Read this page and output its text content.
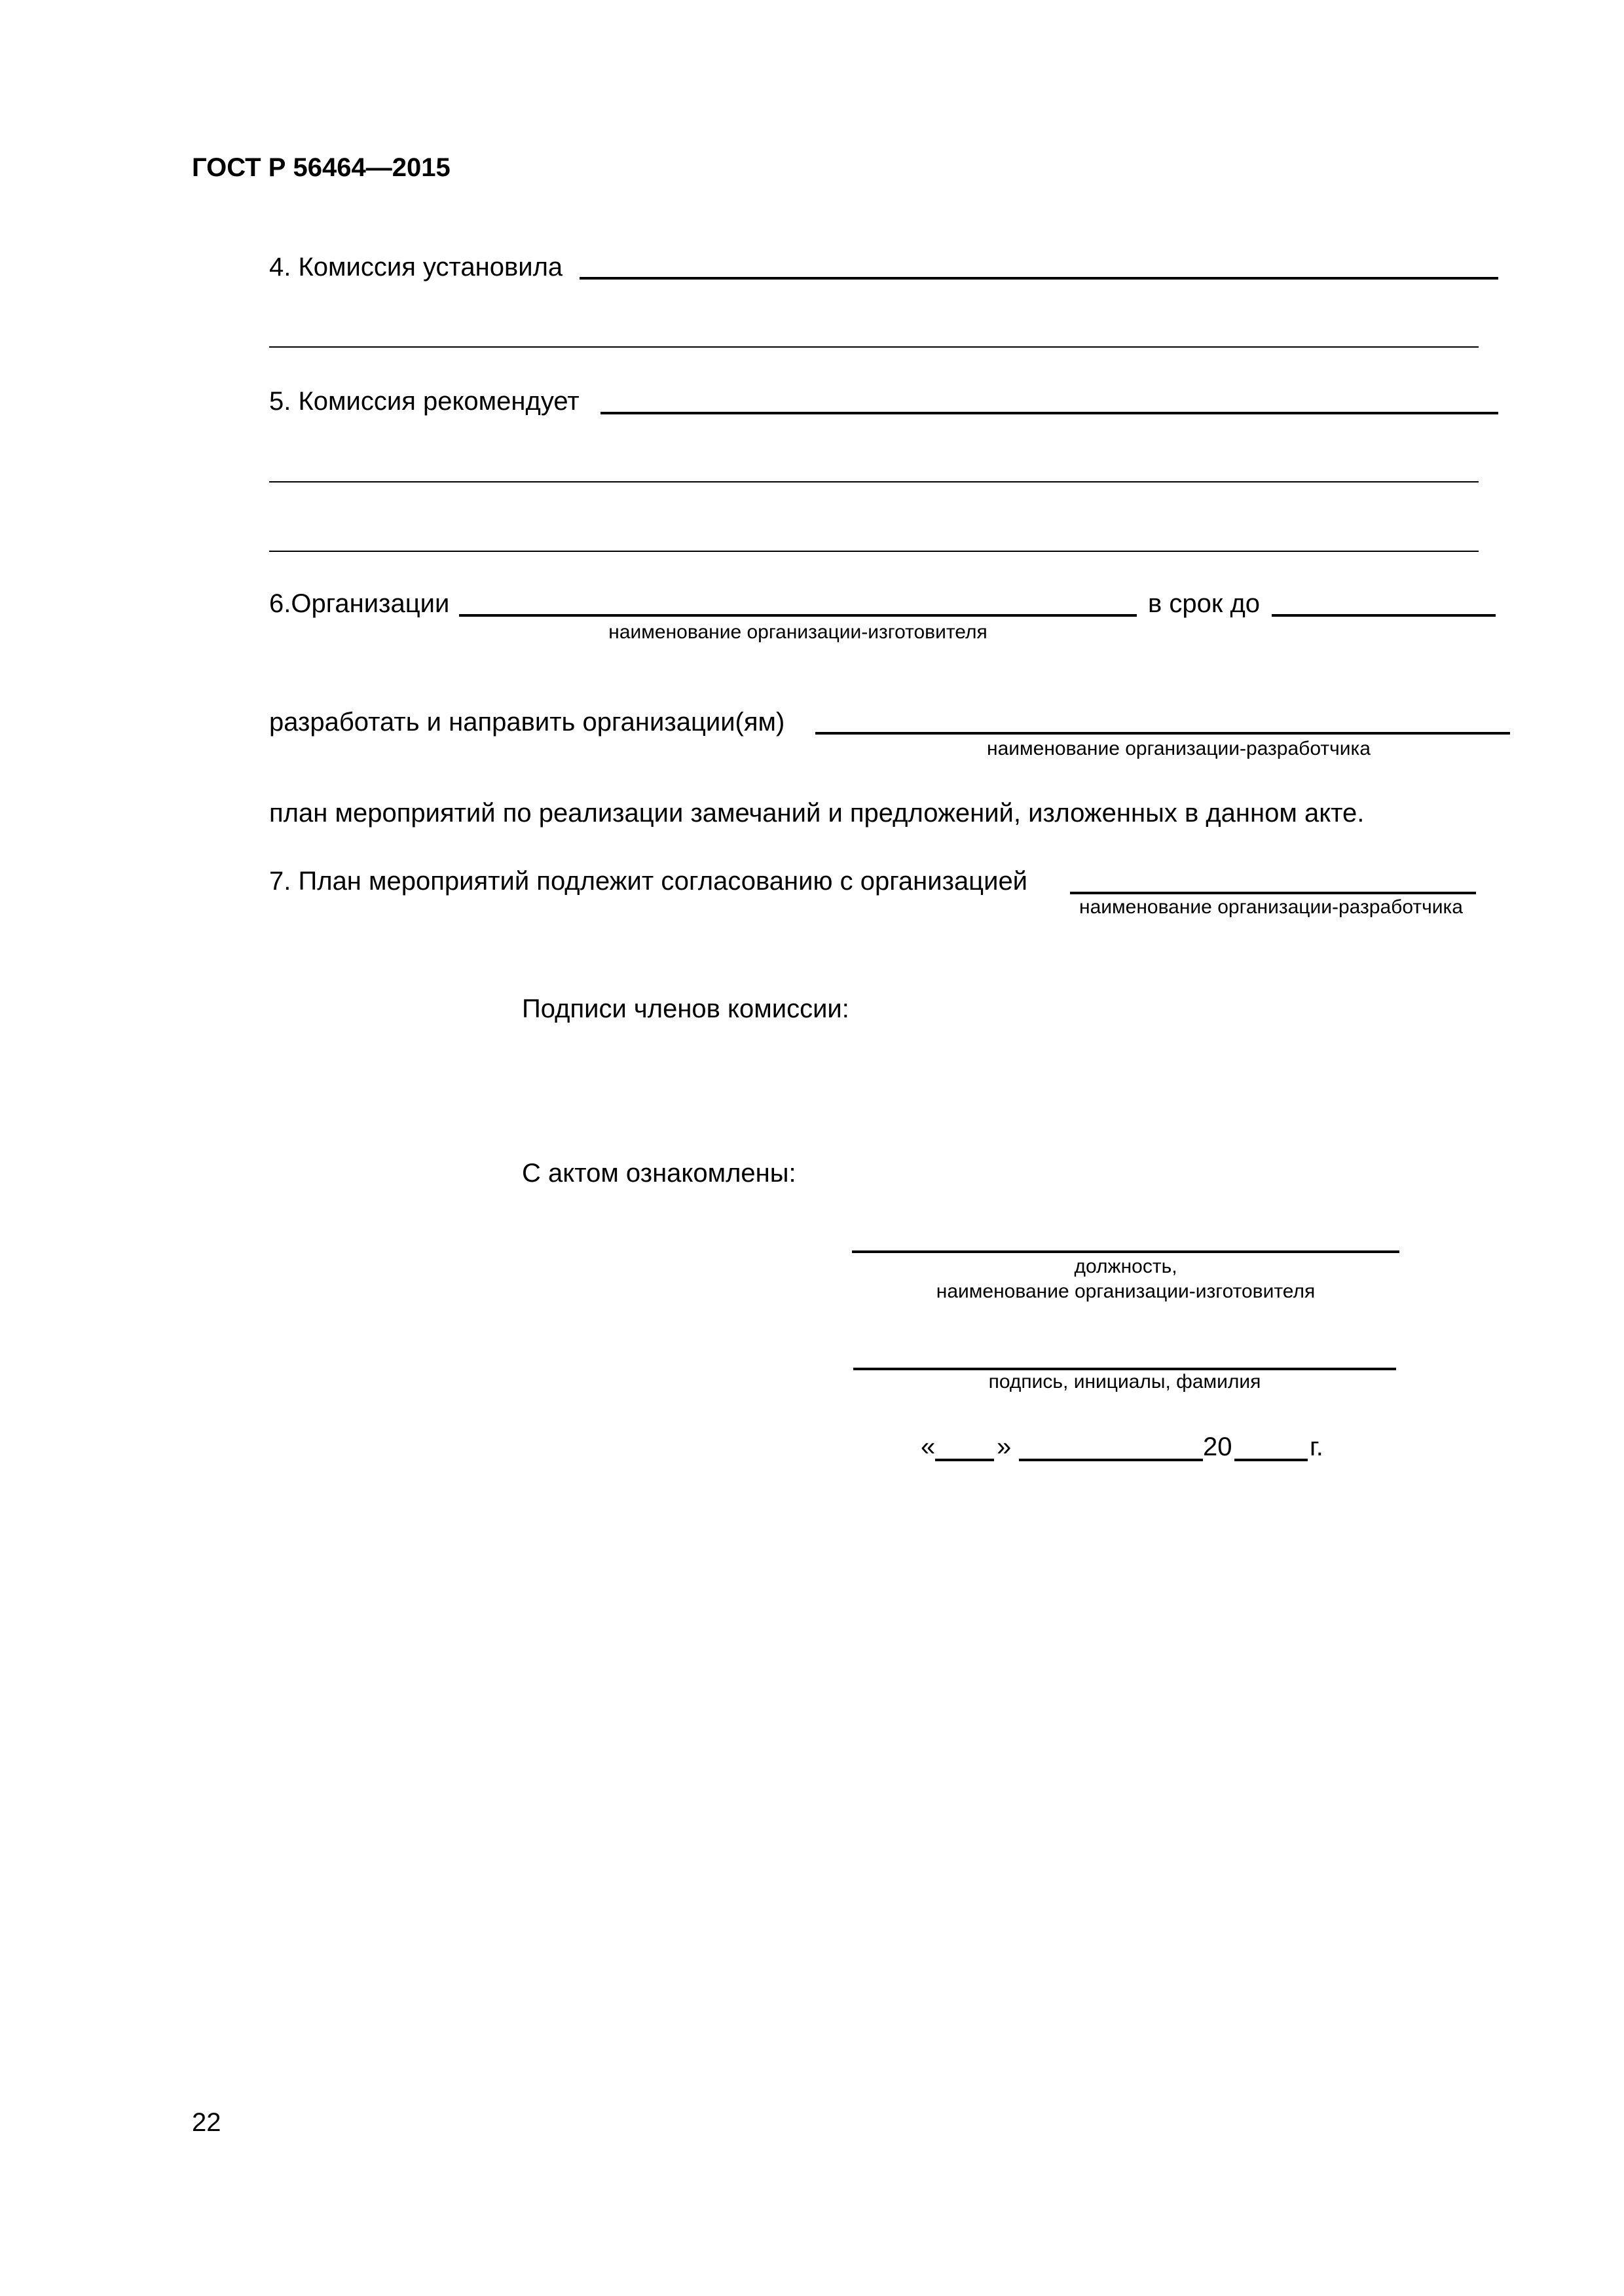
ГОСТ Р 56464—2015
4. Комиссия установила
5. Комиссия рекомендует
6.Организации	в срок до
наименование организации-изготовителя
разработать и направить организации(ям)
наименование организации-разработчика
план мероприятий по реализации замечаний и предложений, изложенных в данном акте.
7. План мероприятий подлежит согласованию с организацией
наименование организации-разработчика
Подписи членов комиссии:
С актом ознакомлены:
должность,
наименование организации-изготовителя
подпись, инициалы, фамилия
« »	20	г.
22
